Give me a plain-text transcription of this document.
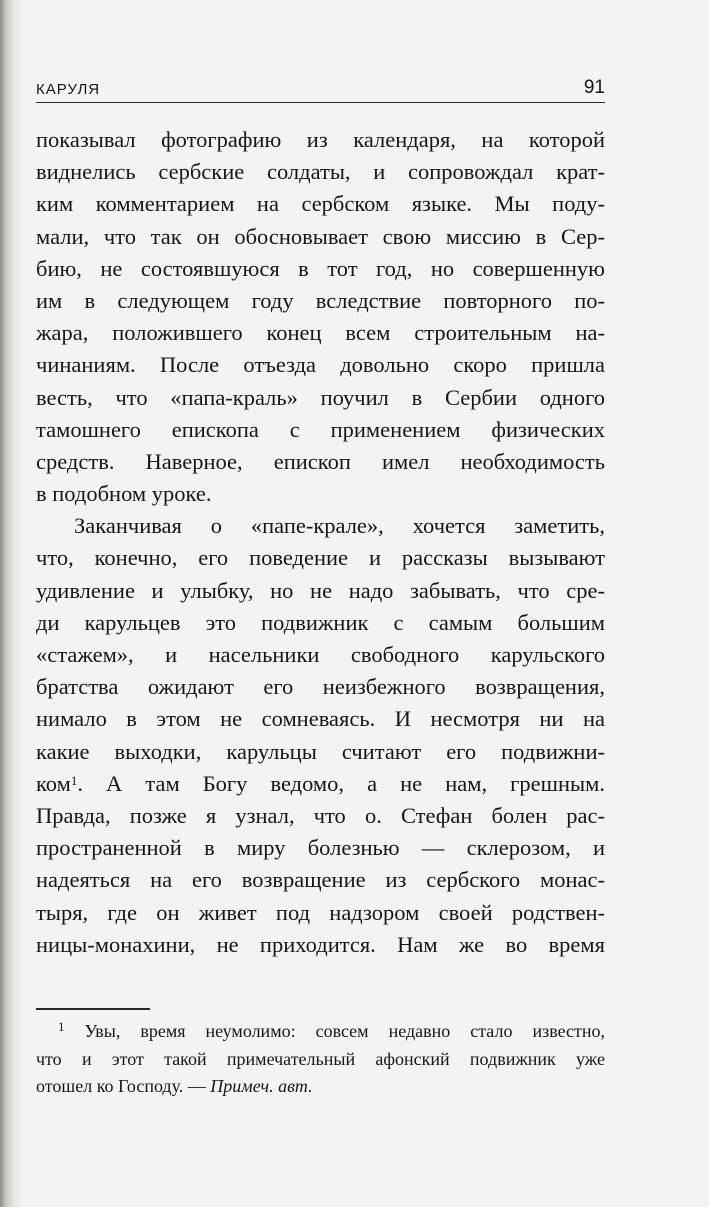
КАРУЛЯ	91
показывал фотографию из календаря, на которой
виднелись сербские солдаты, и сопровождал крат-
ким комментарием на сербском языке. Мы поду-
мали, что так он обосновывает свою миссию в Сер-
бию, не состоявшуюся в тот год, но совершенную
им в следующем году вследствие повторного по-
жара, положившего конец всем строительным на-
чинаниям. После отъезда довольно скоро пришла
весть, что «папа-краль» поучил в Сербии одного
тамошнего епископа с применением физических
средств. Наверное, епископ имел необходимость
в подобном уроке.
Заканчивая о «папе-крале», хочется заметить,
что, конечно, его поведение и рассказы вызывают
удивление и улыбку, но не надо забывать, что сре-
ди карульцев это подвижник с самым большим
«стажем», и насельники свободного карульского
братства ожидают его неизбежного возвращения,
нимало в этом не сомневаясь. И несмотря ни на
какие выходки, карульцы считают его подвижни-
ком$^1$. А там Богу ведомо, а не нам, грешным.
Правда, позже я узнал, что о. Стефан болен рас-
пространенной в миру болезнью — склерозом, и
надеяться на его возвращение из сербского монас-
тыря, где он живет под надзором своей родствен-
ницы-монахини, не приходится. Нам же во время
$^1$ Увы, время неумолимо: совсем недавно стало известно,
что и этот такой примечательный афонский подвижник уже
отошел ко Господу. — Примеч. авт.
